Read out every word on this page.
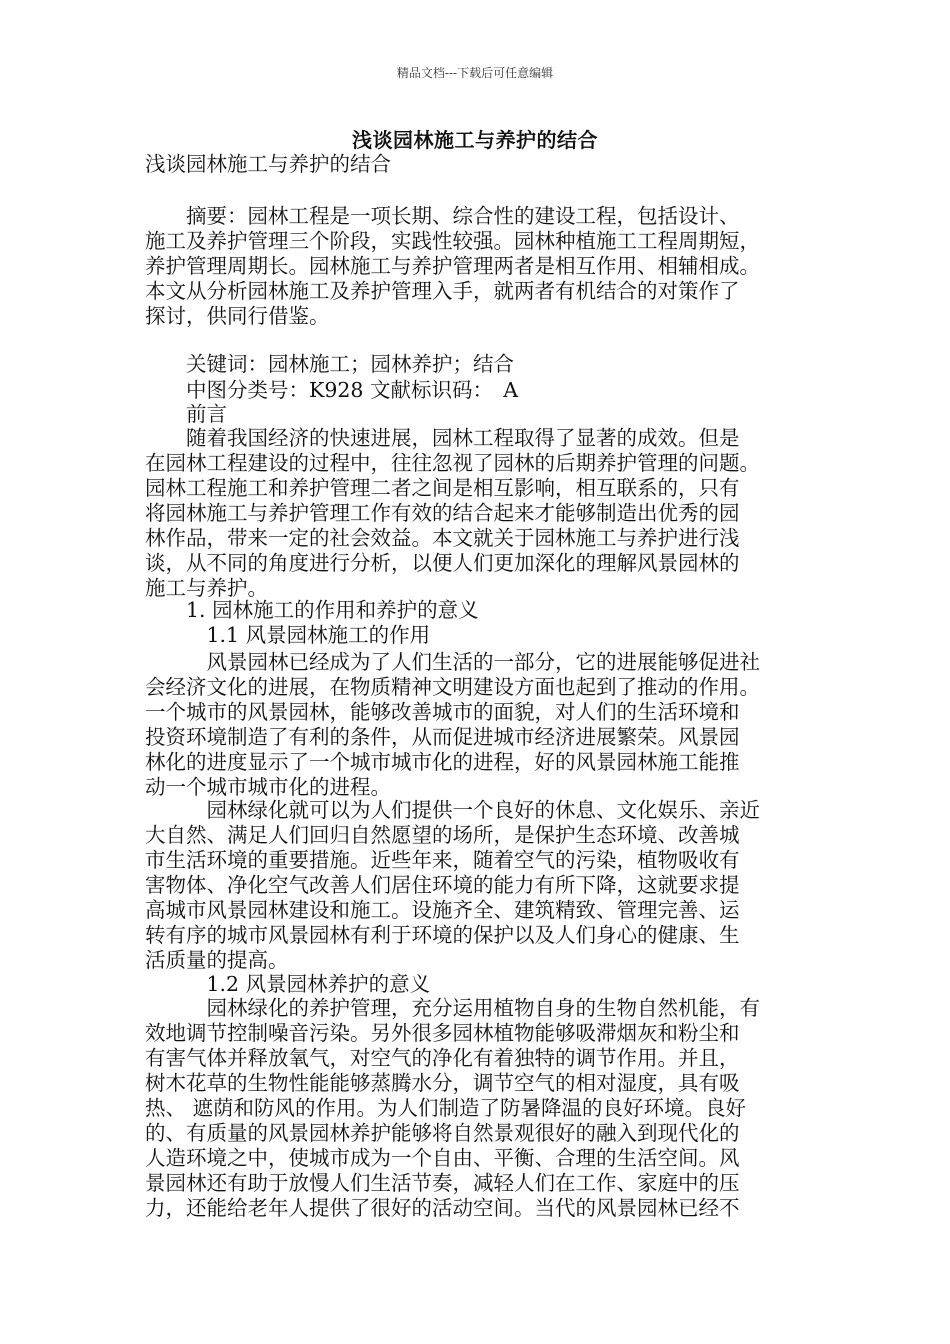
精品文档---下载后可任意编辑
浅谈园林施工与养护的结合
浅谈园林施工与养护的结合
　　摘要：园林工程是一项长期、综合性的建设工程，包括设计、
施工及养护管理三个阶段，实践性较强。园林种植施工工程周期短，
养护管理周期长。园林施工与养护管理两者是相互作用、相辅相成。
本文从分析园林施工及养护管理入手，就两者有机结合的对策作了
探讨，供同行借鉴。
　　关键词：园林施工；园林养护；结合
　　中图分类号：K928 文献标识码：　A
　　前言
　　随着我国经济的快速进展，园林工程取得了显著的成效。但是
在园林工程建设的过程中，往往忽视了园林的后期养护管理的问题。
园林工程施工和养护管理二者之间是相互影响，相互联系的，只有
将园林施工与养护管理工作有效的结合起来才能够制造出优秀的园
林作品，带来一定的社会效益。本文就关于园林施工与养护进行浅
谈，从不同的角度进行分析，以便人们更加深化的理解风景园林的
施工与养护。
　　1. 园林施工的作用和养护的意义
　　　1.1 风景园林施工的作用
　　　风景园林已经成为了人们生活的一部分，它的进展能够促进社
会经济文化的进展，在物质精神文明建设方面也起到了推动的作用。
一个城市的风景园林，能够改善城市的面貌，对人们的生活环境和
投资环境制造了有利的条件，从而促进城市经济进展繁荣。风景园
林化的进度显示了一个城市城市化的进程，好的风景园林施工能推
动一个城市城市化的进程。
　　　园林绿化就可以为人们提供一个良好的休息、文化娱乐、亲近
大自然、满足人们回归自然愿望的场所，是保护生态环境、改善城
市生活环境的重要措施。近些年来，随着空气的污染，植物吸收有
害物体、净化空气改善人们居住环境的能力有所下降，这就要求提
高城市风景园林建设和施工。设施齐全、建筑精致、管理完善、运
转有序的城市风景园林有利于环境的保护以及人们身心的健康、生
活质量的提高。
　　　1.2 风景园林养护的意义
　　　园林绿化的养护管理，充分运用植物自身的生物自然机能，有
效地调节控制噪音污染。另外很多园林植物能够吸滞烟灰和粉尘和
有害气体并释放氧气，对空气的净化有着独特的调节作用。并且，
树木花草的生物性能能够蒸腾水分，调节空气的相对湿度，具有吸
热、 遮荫和防风的作用。为人们制造了防暑降温的良好环境。良好
的、有质量的风景园林养护能够将自然景观很好的融入到现代化的
人造环境之中，使城市成为一个自由、平衡、合理的生活空间。风
景园林还有助于放慢人们生活节奏，减轻人们在工作、家庭中的压
力，还能给老年人提供了很好的活动空间。当代的风景园林已经不
